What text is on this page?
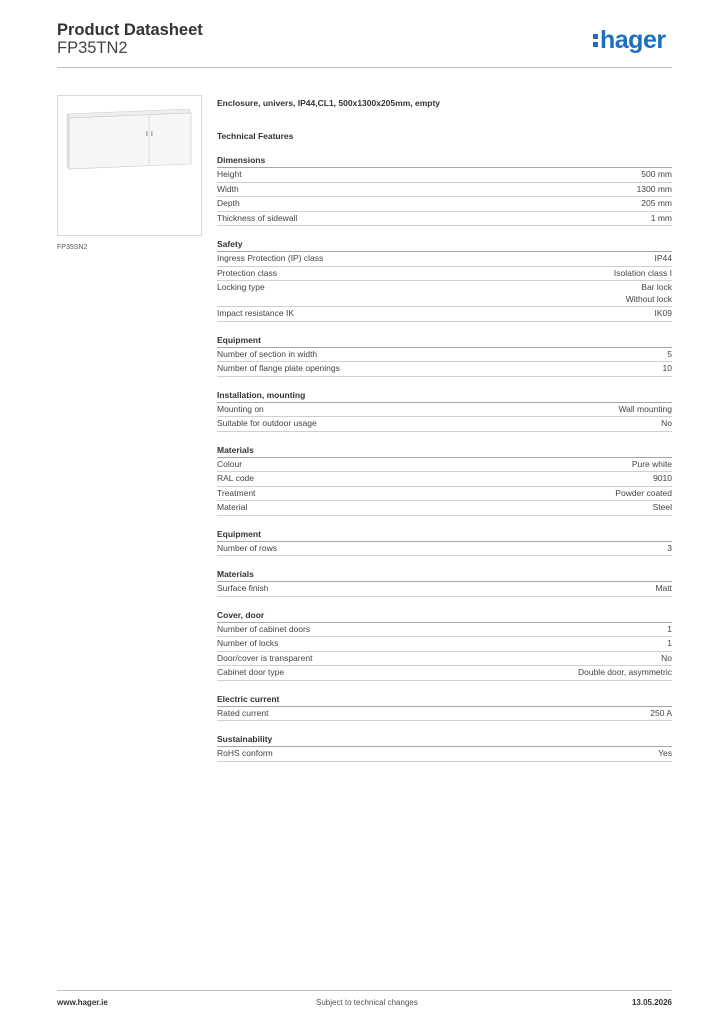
Product Datasheet
FP35TN2	hager
FP35SN2
Enclosure, univers, IP44,CL1, 500x1300x205mm, empty
Technical Features
Dimensions
Height	500 mm
Width	1300 mm
Depth	205 mm
Thickness of sidewall	1 mm
Safety
Ingress Protection (IP) class	IP44
Protection class	Isolation class I
Locking type	Bar lock
Without lock
Impact resistance IK	IK09
Equipment
Number of section in width	5
Number of flange plate openings	10
Installation, mounting
Mounting on	Wall mounting
Suitable for outdoor usage	No
Materials
Colour	Pure white
RAL code	9010
Treatment	Powder coated
Material	Steel
Equipment
Number of rows	3
Materials
Surface finish	Matt
Cover, door
Number of cabinet doors	1
Number of locks	1
Door/cover is transparent	No
Cabinet door type	Double door, asymmetric
Electric current
Rated current	250 A
Sustainability
RoHS conform	Yes
www.hager.ie	Subject to technical changes	13.05.2026
